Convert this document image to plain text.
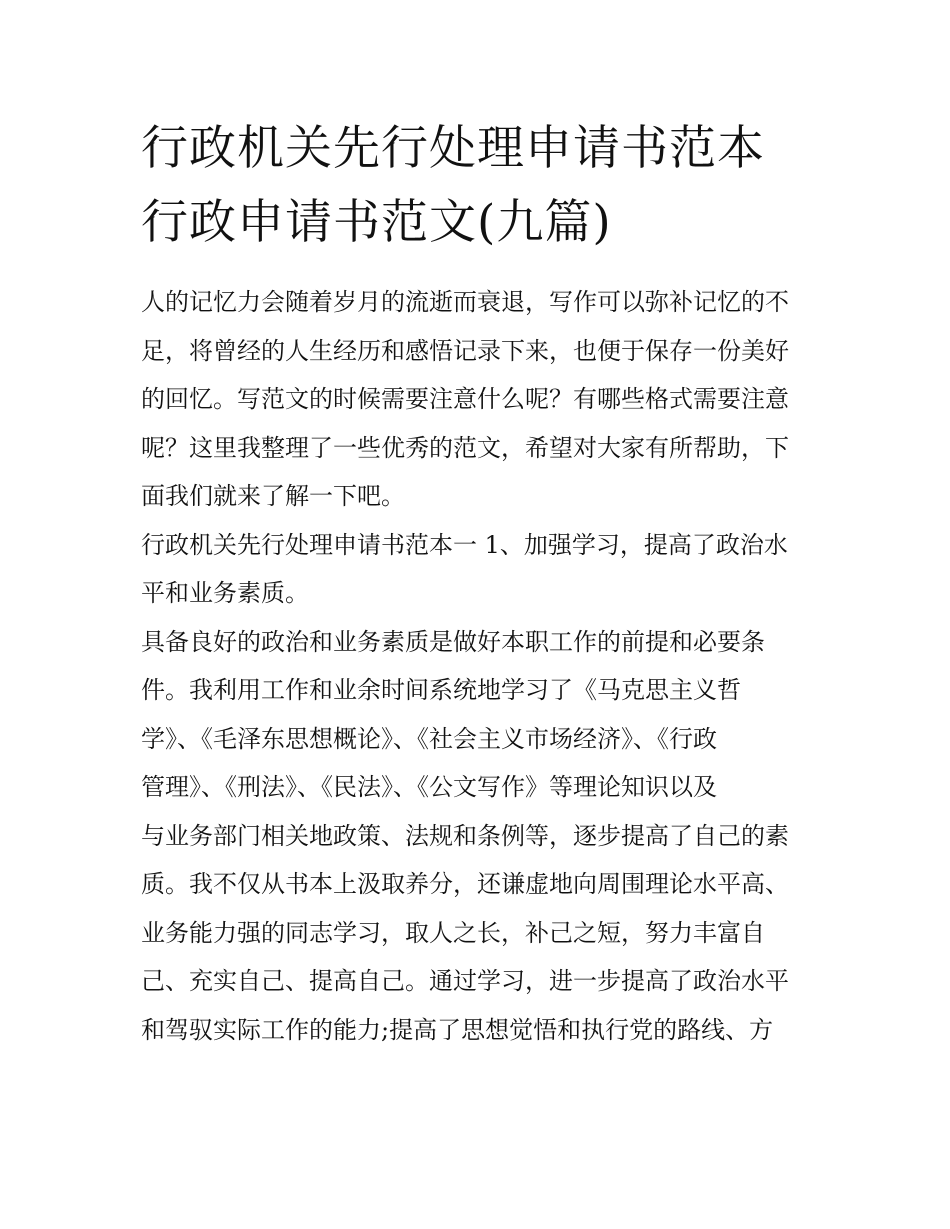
行政机关先行处理申请书范本
行政申请书范文(九篇)

人的记忆力会随着岁月的流逝而衰退，写作可以弥补记忆的不
足，将曾经的人生经历和感悟记录下来，也便于保存一份美好
的回忆。写范文的时候需要注意什么呢？有哪些格式需要注意
呢？这里我整理了一些优秀的范文，希望对大家有所帮助，下
面我们就来了解一下吧。

行政机关先行处理申请书范本一 1、加强学习，提高了政治水
平和业务素质。

具备良好的政治和业务素质是做好本职工作的前提和必要条
件。我利用工作和业余时间系统地学习了《马克思主义哲
学》、《毛泽东思想概论》、《社会主义市场经济》、《行政
管理》、《刑法》、《民法》、《公文写作》等理论知识以及
与业务部门相关地政策、法规和条例等，逐步提高了自己的素
质。我不仅从书本上汲取养分，还谦虚地向周围理论水平高、
业务能力强的同志学习，取人之长，补己之短，努力丰富自
己、充实自己、提高自己。通过学习，进一步提高了政治水平
和驾驭实际工作的能力;提高了思想觉悟和执行党的路线、方
